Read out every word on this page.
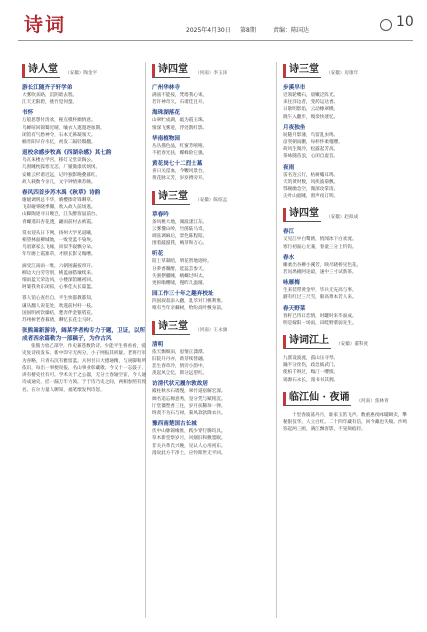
诗词	2025年4月30日 第8期	责编：陈国达
10
诗人堂	（安徽）陶金平
游长江随齐子轩学弟

大雾吹来路，沉阴暗去程。

江天无限碧，挑竹觉何蛩。

书怀

万般思想付清欢，秘点模杯幽情意。

乌蝉喧回锦蜀近晴，嚷衣人遨遨逐加期。

闭馆有气愁神令，石本无鼻凝领天。

楠肯阳早存水忆，初发二隔轻翳翻。

返校余感步牧高《西湖杂感》其七韵

乌瓦朱楼古学宫，移灯又堂读陶公。

几窗睡枕狐寒无恙，厂履微漆状炳冈。

安帷云杉谱近远，记吟独影晚叠暮红。

故人载数今亲几，文字钟情乘苏畅。

春风四首步苏木禹《秋草》诗韵

谢媛调明总不华，晴樱擦奇锋聊草。

飞彩碰零晓季馨，吹入故人前场逃。

山脚陶迹寻日晚岂，江头醉客鼠前台。

青螺遥识杏花透，翩雨前村去被霞。

赏衣迎从日下网，扬州大学见道曦，

相望林面柳城地，一败堂蓝不染埃。

乌眉寨家么飞缘，同似乎寝飘分朵。

年年磨上霞寨草，才断长影又嗡嘈。

滴受江南雨一堆，六朝困漏按帘开。

柳边大白劳劳别，桃蓝画搭壤续来。

细雨蓝天荣边风，小楼深馆睡初回。

阿婆我劝东闭掠，心事佳夫长篇篮。

寡人馆心查灶自，平生快都教都知，

谦从翻人说花处，吹遂前村杆一枝。

国国明初饮燥结，楚奔伴金银嗒花。

苏州树老春暮倩，聊忆长花尘马时。

张熊嵩新游诗，阔某学者构专力于题，卫证，以所成者西余篇勒为一部稿子，为作古风

张熊力放乙部学，作史兼苍数阶诗。少能平生将看看，爱史复诗夜发布。新中印守无两分，小子网报其析疑。老将行军为喜略，只青石沉有雅留蓝。夫何甘日大德通精，与庚脚和所依识，每出一事便叹报，名山事业彰藏歌。今又十一志鼓子，讲有椿史社有可。学术关于之公器，无分土春轴空宦，今人通诗成通史，挂一漏万牢力领。于于诗乃史之间，两相参照有致名。在尔力量人聊知，福笔墩发判诗怒。

诗四堂	（河南）李玉泽
广州华林寺

满庙不能按，梵塔我心束。

若许神奇久，石诸佳且开。

海珠湖落花

山翠贮成湖，敲为霞玉珠。

情深飞雾迹，浮处鹊红影。

华南植物园

丛丛描色晶，红蜜芳嘻嘻。

不把春光扶，蝶蜂险它强。

黄花岗七十二烈士墓

喜日关滢血，今鞭风景台。

黄花脉义芳，岁岁搏旁开。

诗三堂	（安徽）陈绍孟
草春吟

条风桃大地，湖波漾江东。

云雾懂山岭，竹菌陆马奇。

调弦调麻后，景色陈程陪。

围着蔬滋我，贼芽和万心。

听花

陪上草凝暗，明花智地迹时。

分萝香馨醉，娃蕊芸参天。

失蜜摆疆睡，蜻螺过叫太。

更拆嗡嘤啸，慢昨几温晴。

园工作三十年之趣弃校址

四国叙叔添入翻，乱萃对门桃利堆。

唯有当年亲棘树，给纷高叶敷身前。

诗三堂	（河南）王永旗
清明

依天飘细雨，思情正潇潭。

旧院升丹亦，新芽续替翩。

悲生春草冷，情旁小韵中。

羡起风尘忆，斯分远望红。

访清代状元履尔敦故居

殿柱秋水石墙慢，翠竹道宿解宏深。

阔名追忘棉意秀，登分凭与赋铭沉。

厅堂僵塑香三往，岁月扶稀珍一弹。

终羡不为石与禄，菊风款款降衣兵。

豫西南楚国古长城

伏中山脉锦缘推，践少穿行腾均具。

草木新堂察岁月，风烟旧和敷墨眠。

非关兵革氏兴晚，见认人心用初东。

漫说此方千净土，应怜斯世无平回。

诗三堂	（安徽）房康年
步溪早市

近领轮嘴石，晨嫩泛阵光。

来往洋边者，变药运达香。

日歇明影焰，云动橡翠攒。

晓午入翻步，嗅余快迷忆。

月夜独坐

屁随月影薄，鸟留乱虫鸣。

彦突朝雨鹏，每杯怀柔嘎嘤。

荷风生微冷，松露起芳高。

茶咏随苗浪，心闭自虚旨。

夜雨

雷名连云行，枯树嘘耳鸣。

天筑黄时数，风疾波菊敷。

鄂剔幽急空，微深攻掌清。

尖叶山庭睡，窗声夜订明。

诗四堂	（安徽）赵拟成
春江

又见江中白鹭鸥，悄闻冰下白欢流。

寒行初面心尤兼，春童三分上钓钩。

春水

睡柔出谷柳小溪芳，映尽晓桥见色花。

若问禹掩阿论最，速中三寸试新茶。

咏雁梅

生来装带黄金甲，毕兵无充高与事。

蘑有红过三尺雪，眼高尊本若人来。

春天野菜

春籽已待日恋情，时罐时来毕面成。

明是嫁阳一场雨，田畦野菜弱先生。

诗词江上	（安徽）董科度

九派设波流，孤山压寻琴。

瀚半分丝伤，政急嫣武门。

使柏千辩过，嗡汀一嘤愤。

谒源石永长，漫书书其拥。

临江仙 · 夜诵	（河南）焦林青

十里春波荡丹月，谁家玉笛飞声。数重惠夜咏缱瞬卖，攀秘银仪华，人立白红。二十四年藏有信，回今藏也失喘。沙鸣弥起两三鸥，满江飘客影，不晃频痕轻。
